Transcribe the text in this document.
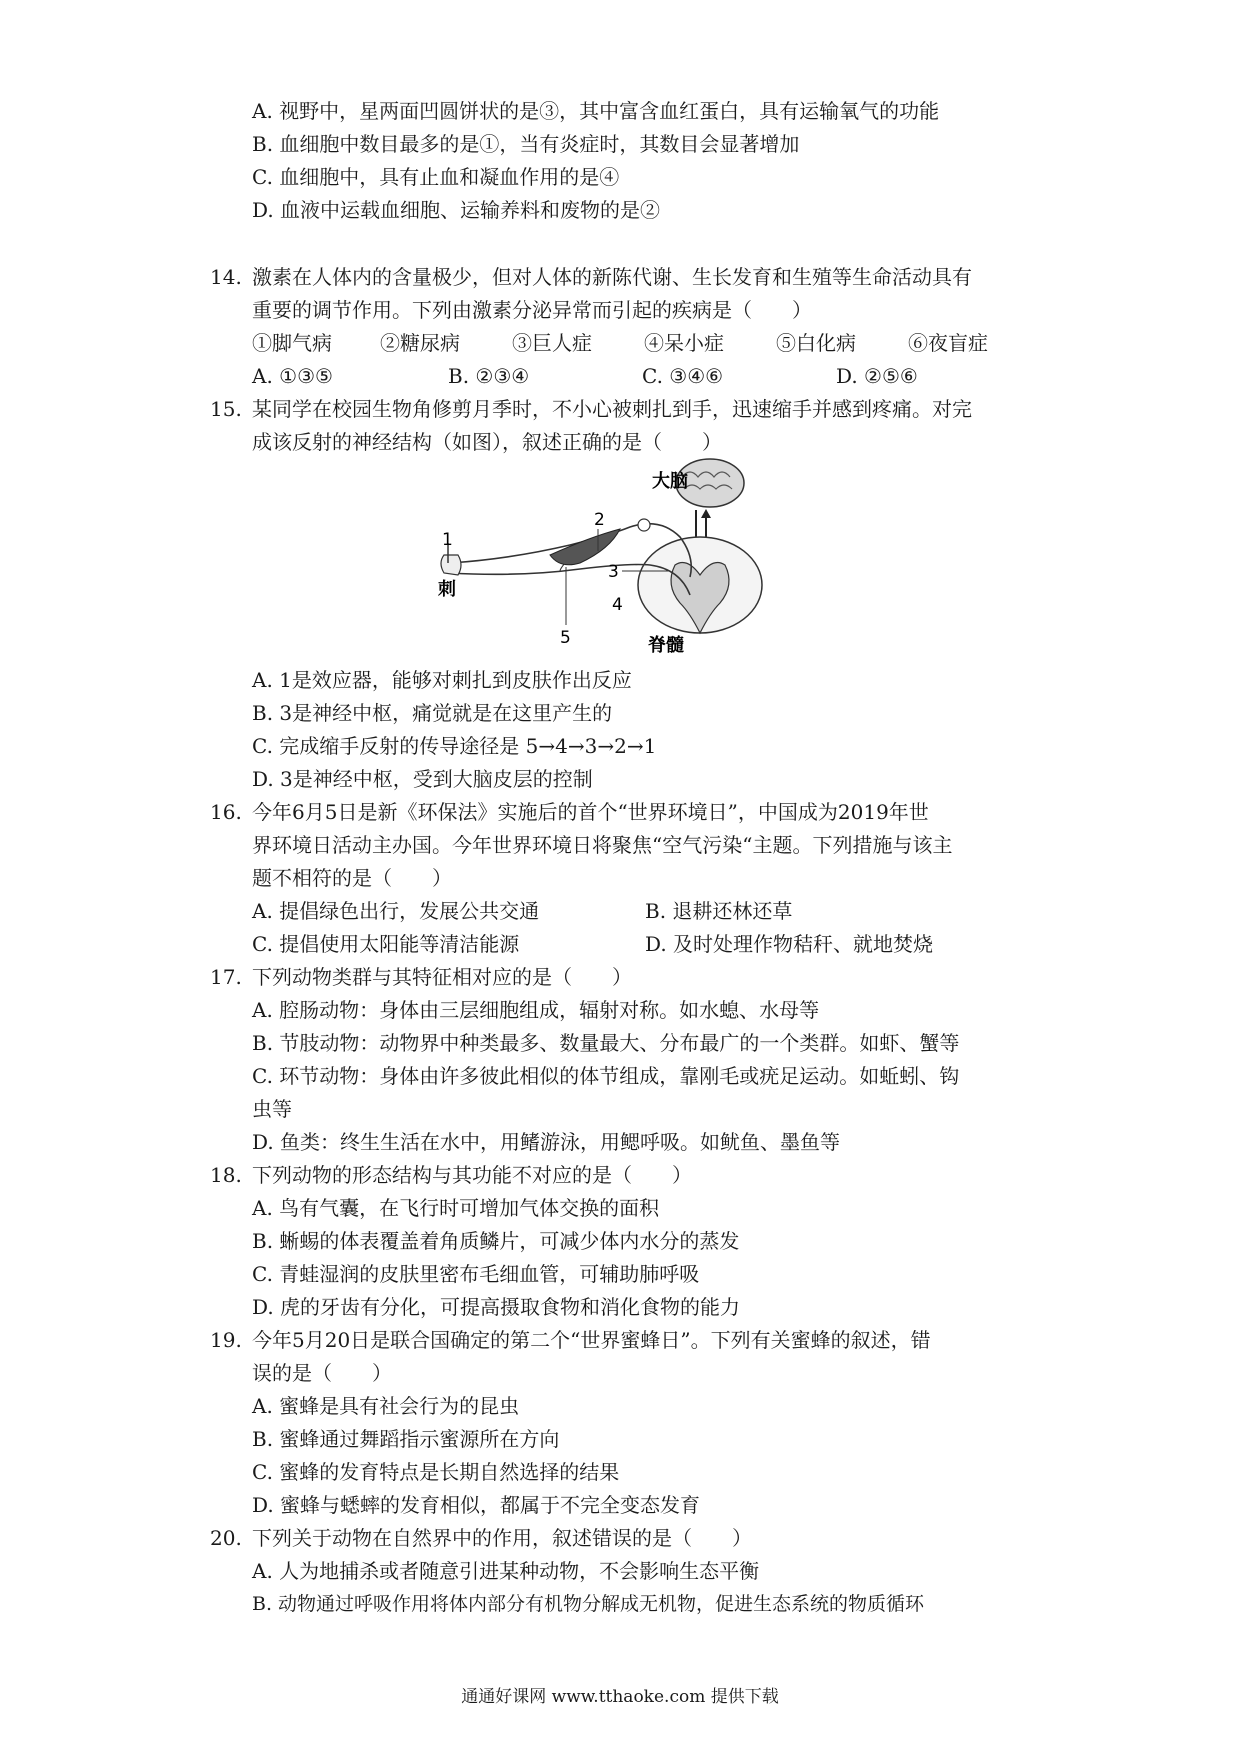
A. 视野中，星两面凹圆饼状的是③，其中富含血红蛋白，具有运输氧气的功能
B. 血细胞中数目最多的是①，当有炎症时，其数目会显著增加
C. 血细胞中，具有止血和凝血作用的是④
D. 血液中运载血细胞、运输养料和废物的是②
14. 激素在人体内的含量极少，但对人体的新陈代谢、生长发育和生殖等生命活动具有
重要的调节作用。下列由激素分泌异常而引起的疾病是（　　）
①脚气病 ②糖尿病	③巨人症	④呆小症	⑤白化病	⑥夜盲症
A. ①③⑤	B. ②③④	C. ③④⑥	D. ②⑤⑥
15. 某同学在校园生物角修剪月季时，不小心被刺扎到手，迅速缩手并感到疼痛。对完
成该反射的神经结构（如图），叙述正确的是（　　）
大脑
脊髓
1
刺
2
3
4
5
A. 1是效应器，能够对刺扎到皮肤作出反应
B. 3是神经中枢，痛觉就是在这里产生的
C. 完成缩手反射的传导途径是 5→4→3→2→1
D. 3是神经中枢，受到大脑皮层的控制
16. 今年6月5日是新《环保法》实施后的首个“世界环境日”，中国成为2019年世
界环境日活动主办国。今年世界环境日将聚焦“空气污染“主题。下列措施与该主
题不相符的是（　　）
A. 提倡绿色出行，发展公共交通	B. 退耕还林还草
C. 提倡使用太阳能等清洁能源	D. 及时处理作物秸秆、就地焚烧
17. 下列动物类群与其特征相对应的是（　　）
A. 腔肠动物：身体由三层细胞组成，辐射对称。如水螅、水母等
B. 节肢动物：动物界中种类最多、数量最大、分布最广的一个类群。如虾、蟹等
C. 环节动物：身体由许多彼此相似的体节组成，靠刚毛或疣足运动。如蚯蚓、钩
虫等
D. 鱼类：终生生活在水中，用鳍游泳，用鳃呼吸。如鱿鱼、墨鱼等
18. 下列动物的形态结构与其功能不对应的是（　　）
A. 鸟有气囊，在飞行时可增加气体交换的面积
B. 蜥蜴的体表覆盖着角质鳞片，可减少体内水分的蒸发
C. 青蛙湿润的皮肤里密布毛细血管，可辅助肺呼吸
D. 虎的牙齿有分化，可提高摄取食物和消化食物的能力
19. 今年5月20日是联合国确定的第二个“世界蜜蜂日”。下列有关蜜蜂的叙述，错
误的是（　　）
A. 蜜蜂是具有社会行为的昆虫
B. 蜜蜂通过舞蹈指示蜜源所在方向
C. 蜜蜂的发育特点是长期自然选择的结果
D. 蜜蜂与蟋蟀的发育相似，都属于不完全变态发育
20. 下列关于动物在自然界中的作用，叙述错误的是（　　）
A. 人为地捕杀或者随意引进某种动物，不会影响生态平衡
B. 动物通过呼吸作用将体内部分有机物分解成无机物，促进生态系统的物质循环
通通好课网 www.tthaoke.com 提供下载
